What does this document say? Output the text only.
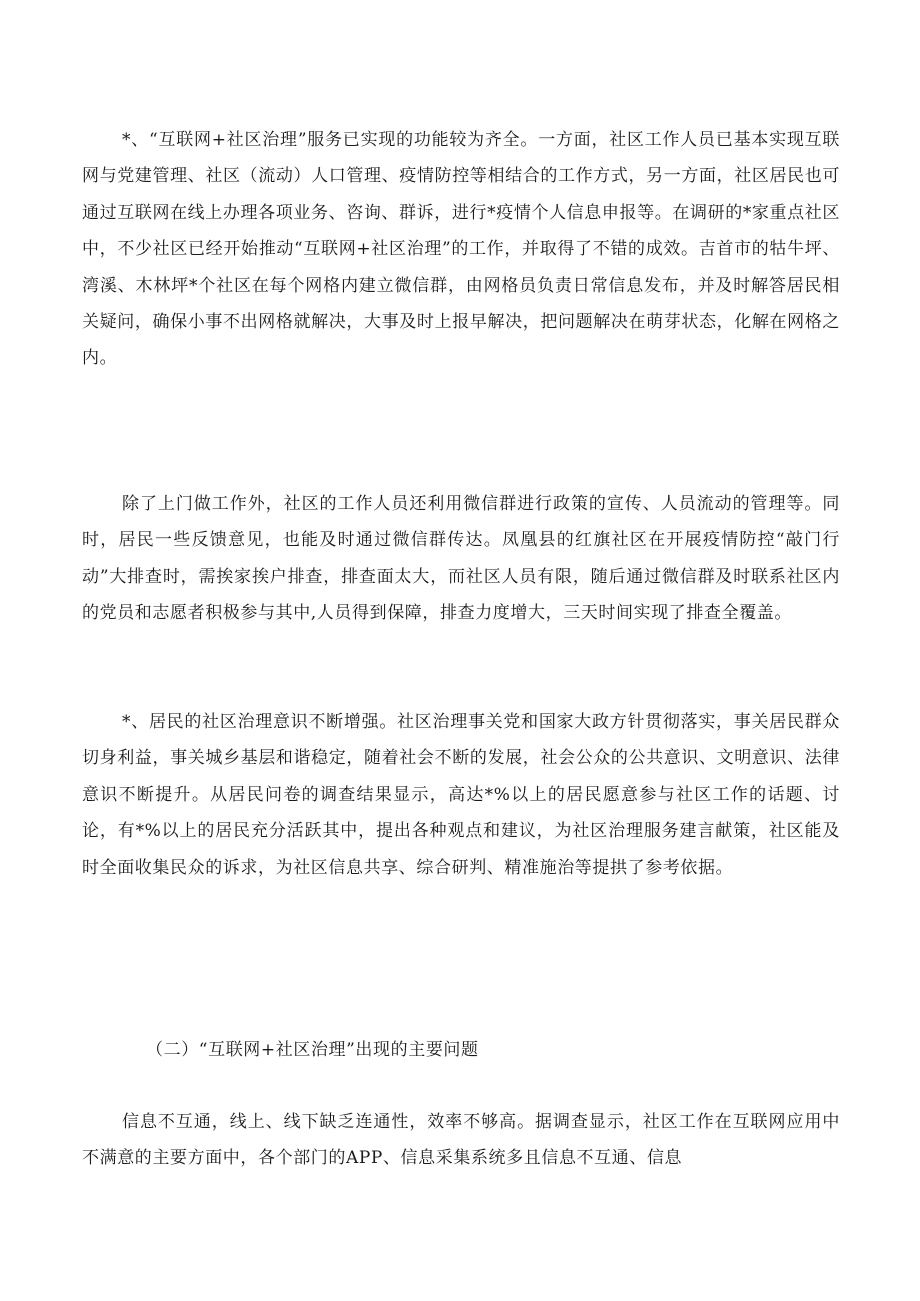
*、“互联网+社区治理”服务已实现的功能较为齐全。一方面，社区工作人员已基本实现互联网与党建管理、社区（流动）人口管理、疫情防控等相结合的工作方式，另一方面，社区居民也可通过互联网在线上办理各项业务、咨询、群诉，进行*疫情个人信息申报等。在调研的*家重点社区中，不少社区已经开始推动“互联网+社区治理”的工作，并取得了不错的成效。吉首市的牯牛坪、湾溪、木林坪*个社区在每个网格内建立微信群，由网格员负责日常信息发布，并及时解答居民相关疑问，确保小事不出网格就解决，大事及时上报早解决，把问题解决在萌芽状态，化解在网格之内。

除了上门做工作外，社区的工作人员还利用微信群进行政策的宣传、人员流动的管理等。同时，居民一些反馈意见，也能及时通过微信群传达。凤凰县的红旗社区在开展疫情防控“敲门行动”大排查时，需挨家挨户排查，排查面太大，而社区人员有限，随后通过微信群及时联系社区内的党员和志愿者积极参与其中,人员得到保障，排查力度增大，三天时间实现了排查全覆盖。

*、居民的社区治理意识不断增强。社区治理事关党和国家大政方针贯彻落实，事关居民群众切身利益，事关城乡基层和谐稳定，随着社会不断的发展，社会公众的公共意识、文明意识、法律意识不断提升。从居民问卷的调查结果显示，高达*%以上的居民愿意参与社区工作的话题、讨论，有*%以上的居民充分活跃其中，提出各种观点和建议，为社区治理服务建言献策，社区能及时全面收集民众的诉求，为社区信息共享、综合研判、精准施治等提拱了参考依据。

（二）“互联网+社区治理”出现的主要问题

信息不互通，线上、线下缺乏连通性，效率不够高。据调查显示，社区工作在互联网应用中不满意的主要方面中，各个部门的APP、信息采集系统多且信息不互通、信息
